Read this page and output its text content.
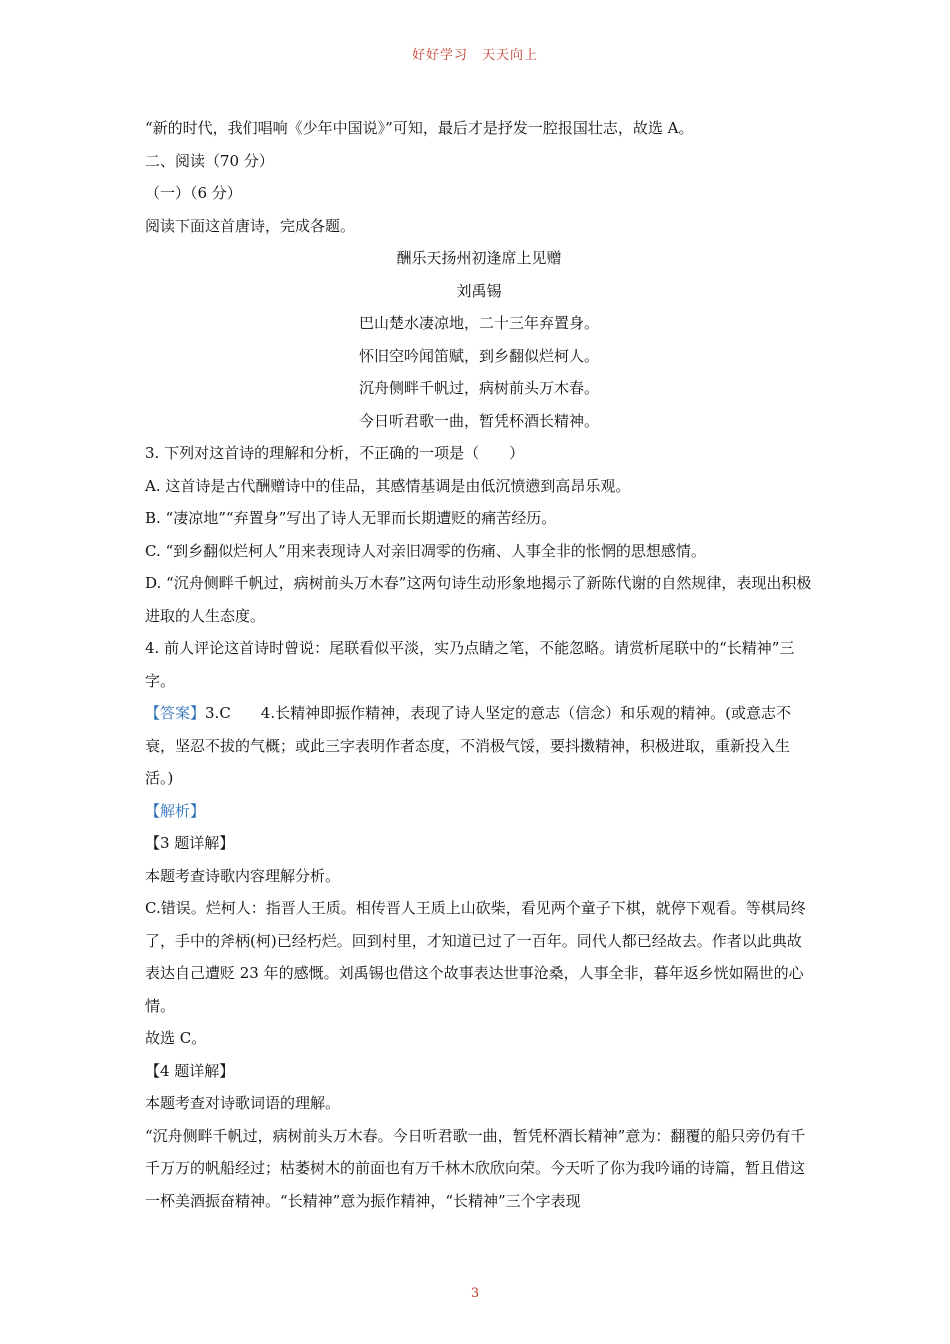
好好学习　天天向上

“新的时代，我们唱响《少年中国说》”可知，最后才是抒发一腔报国壮志，故选 A。

二、阅读（70 分）

（一）（6 分）

阅读下面这首唐诗，完成各题。

酬乐天扬州初逢席上见赠

刘禹锡

巴山楚水凄凉地，二十三年弃置身。

怀旧空吟闻笛赋，到乡翻似烂柯人。

沉舟侧畔千帆过，病树前头万木春。

今日听君歌一曲，暂凭杯酒长精神。

3. 下列对这首诗的理解和分析，不正确的一项是（　　）

A. 这首诗是古代酬赠诗中的佳品，其感情基调是由低沉愤懑到高昂乐观。

B. “凄凉地”“弃置身”写出了诗人无罪而长期遭贬的痛苦经历。

C. “到乡翻似烂柯人”用来表现诗人对亲旧凋零的伤痛、人事全非的怅惘的思想感情。

D. “沉舟侧畔千帆过，病树前头万木春”这两句诗生动形象地揭示了新陈代谢的自然规律，表现出积极进取的人生态度。

4. 前人评论这首诗时曾说：尾联看似平淡，实乃点睛之笔，不能忽略。请赏析尾联中的“长精神”三字。

【答案】3.C　　4.长精神即振作精神，表现了诗人坚定的意志（信念）和乐观的精神。(或意志不衰，坚忍不拔的气概；或此三字表明作者态度，不消极气馁，要抖擞精神，积极进取，重新投入生活。)

【解析】

【3 题详解】

本题考查诗歌内容理解分析。

C.错误。烂柯人：指晋人王质。相传晋人王质上山砍柴，看见两个童子下棋，就停下观看。等棋局终了，手中的斧柄(柯)已经朽烂。回到村里，才知道已过了一百年。同代人都已经故去。作者以此典故表达自己遭贬 23 年的感慨。刘禹锡也借这个故事表达世事沧桑，人事全非，暮年返乡恍如隔世的心情。

故选 C。

【4 题详解】

本题考查对诗歌词语的理解。

“沉舟侧畔千帆过，病树前头万木春。今日听君歌一曲，暂凭杯酒长精神”意为：翻覆的船只旁仍有千千万万的帆船经过；枯萎树木的前面也有万千林木欣欣向荣。今天听了你为我吟诵的诗篇，暂且借这一杯美酒振奋精神。“长精神”意为振作精神，“长精神”三个字表现

3
